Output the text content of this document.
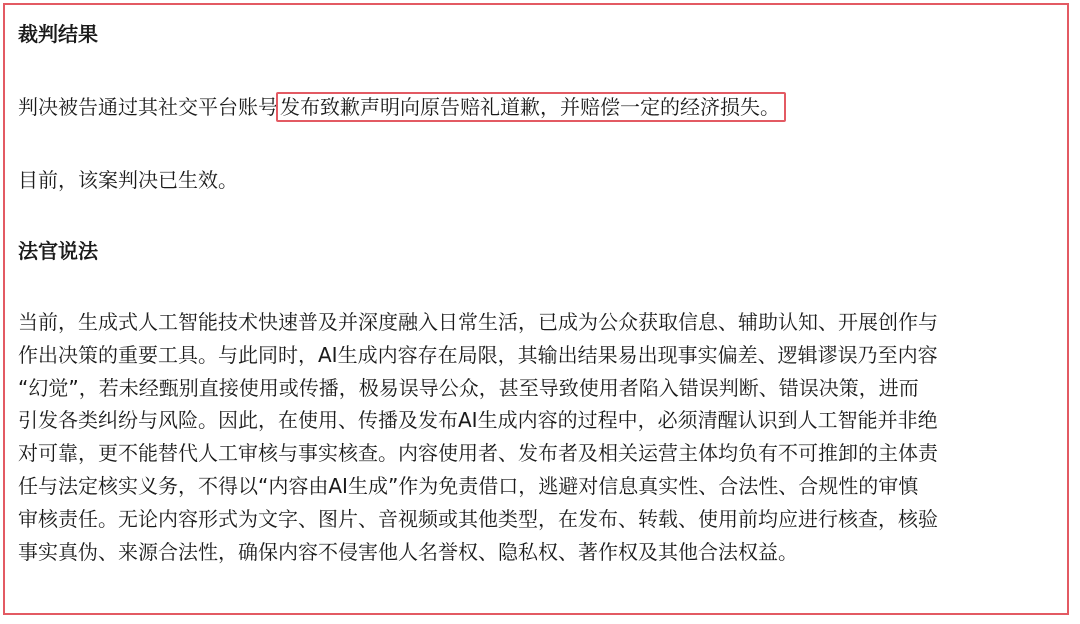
裁判结果
判决被告通过其社交平台账号 发布致歉声明向原告赔礼道歉，并赔偿一定的经济损失。
目前，该案判决已生效。
法官说法
当前，生成式人工智能技术快速普及并深度融入日常生活，已成为公众获取信息、辅助认知、开展创作与
作出决策的重要工具。与此同时，AI生成内容存在局限，其输出结果易出现事实偏差、逻辑谬误乃至内容
“幻觉”，若未经甄别直接使用或传播，极易误导公众，甚至导致使用者陷入错误判断、错误决策，进而
引发各类纠纷与风险。因此，在使用、传播及发布AI生成内容的过程中，必须清醒认识到人工智能并非绝
对可靠，更不能替代人工审核与事实核查。内容使用者、发布者及相关运营主体均负有不可推卸的主体责
任与法定核实义务，不得以“内容由AI生成”作为免责借口，逃避对信息真实性、合法性、合规性的审慎
审核责任。无论内容形式为文字、图片、音视频或其他类型，在发布、转载、使用前均应进行核查，核验
事实真伪、来源合法性，确保内容不侵害他人名誉权、隐私权、著作权及其他合法权益。
